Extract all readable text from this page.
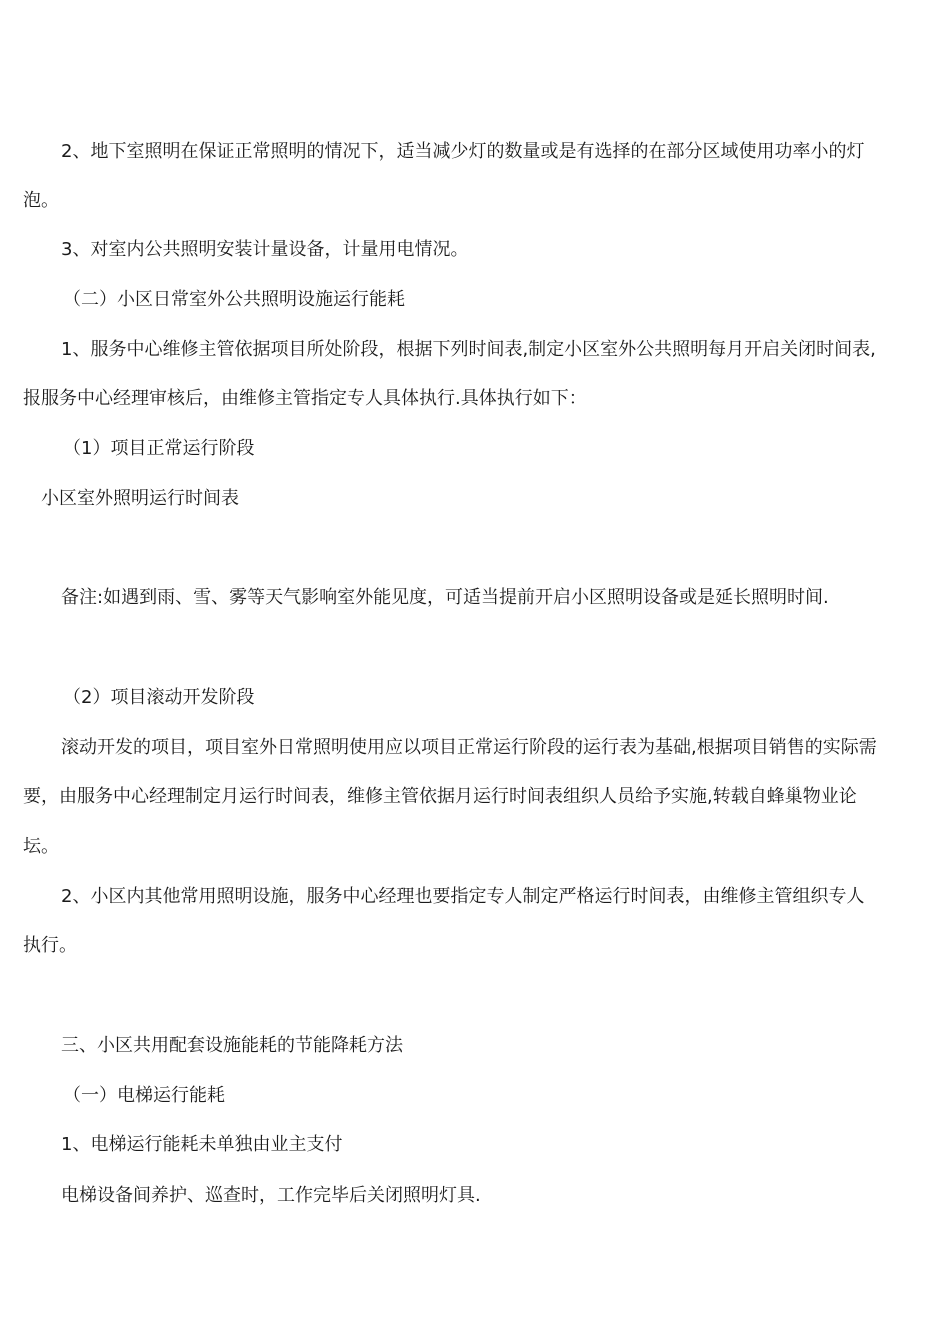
2、地下室照明在保证正常照明的情况下，适当减少灯的数量或是有选择的在部分区域使用功率小的灯
泡。
3、对室内公共照明安装计量设备，计量用电情况。
（二）小区日常室外公共照明设施运行能耗
1、服务中心维修主管依据项目所处阶段，根据下列时间表,制定小区室外公共照明每月开启关闭时间表,
报服务中心经理审核后，由维修主管指定专人具体执行.具体执行如下：
（1）项目正常运行阶段
小区室外照明运行时间表
备注:如遇到雨、雪、雾等天气影响室外能见度，可适当提前开启小区照明设备或是延长照明时间.
（2）项目滚动开发阶段
滚动开发的项目，项目室外日常照明使用应以项目正常运行阶段的运行表为基础,根据项目销售的实际需
要，由服务中心经理制定月运行时间表，维修主管依据月运行时间表组织人员给予实施,转载自蜂巢物业论
坛。
2、小区内其他常用照明设施，服务中心经理也要指定专人制定严格运行时间表，由维修主管组织专人
执行。
三、小区共用配套设施能耗的节能降耗方法
（一）电梯运行能耗
1、电梯运行能耗未单独由业主支付
电梯设备间养护、巡查时，工作完毕后关闭照明灯具.
